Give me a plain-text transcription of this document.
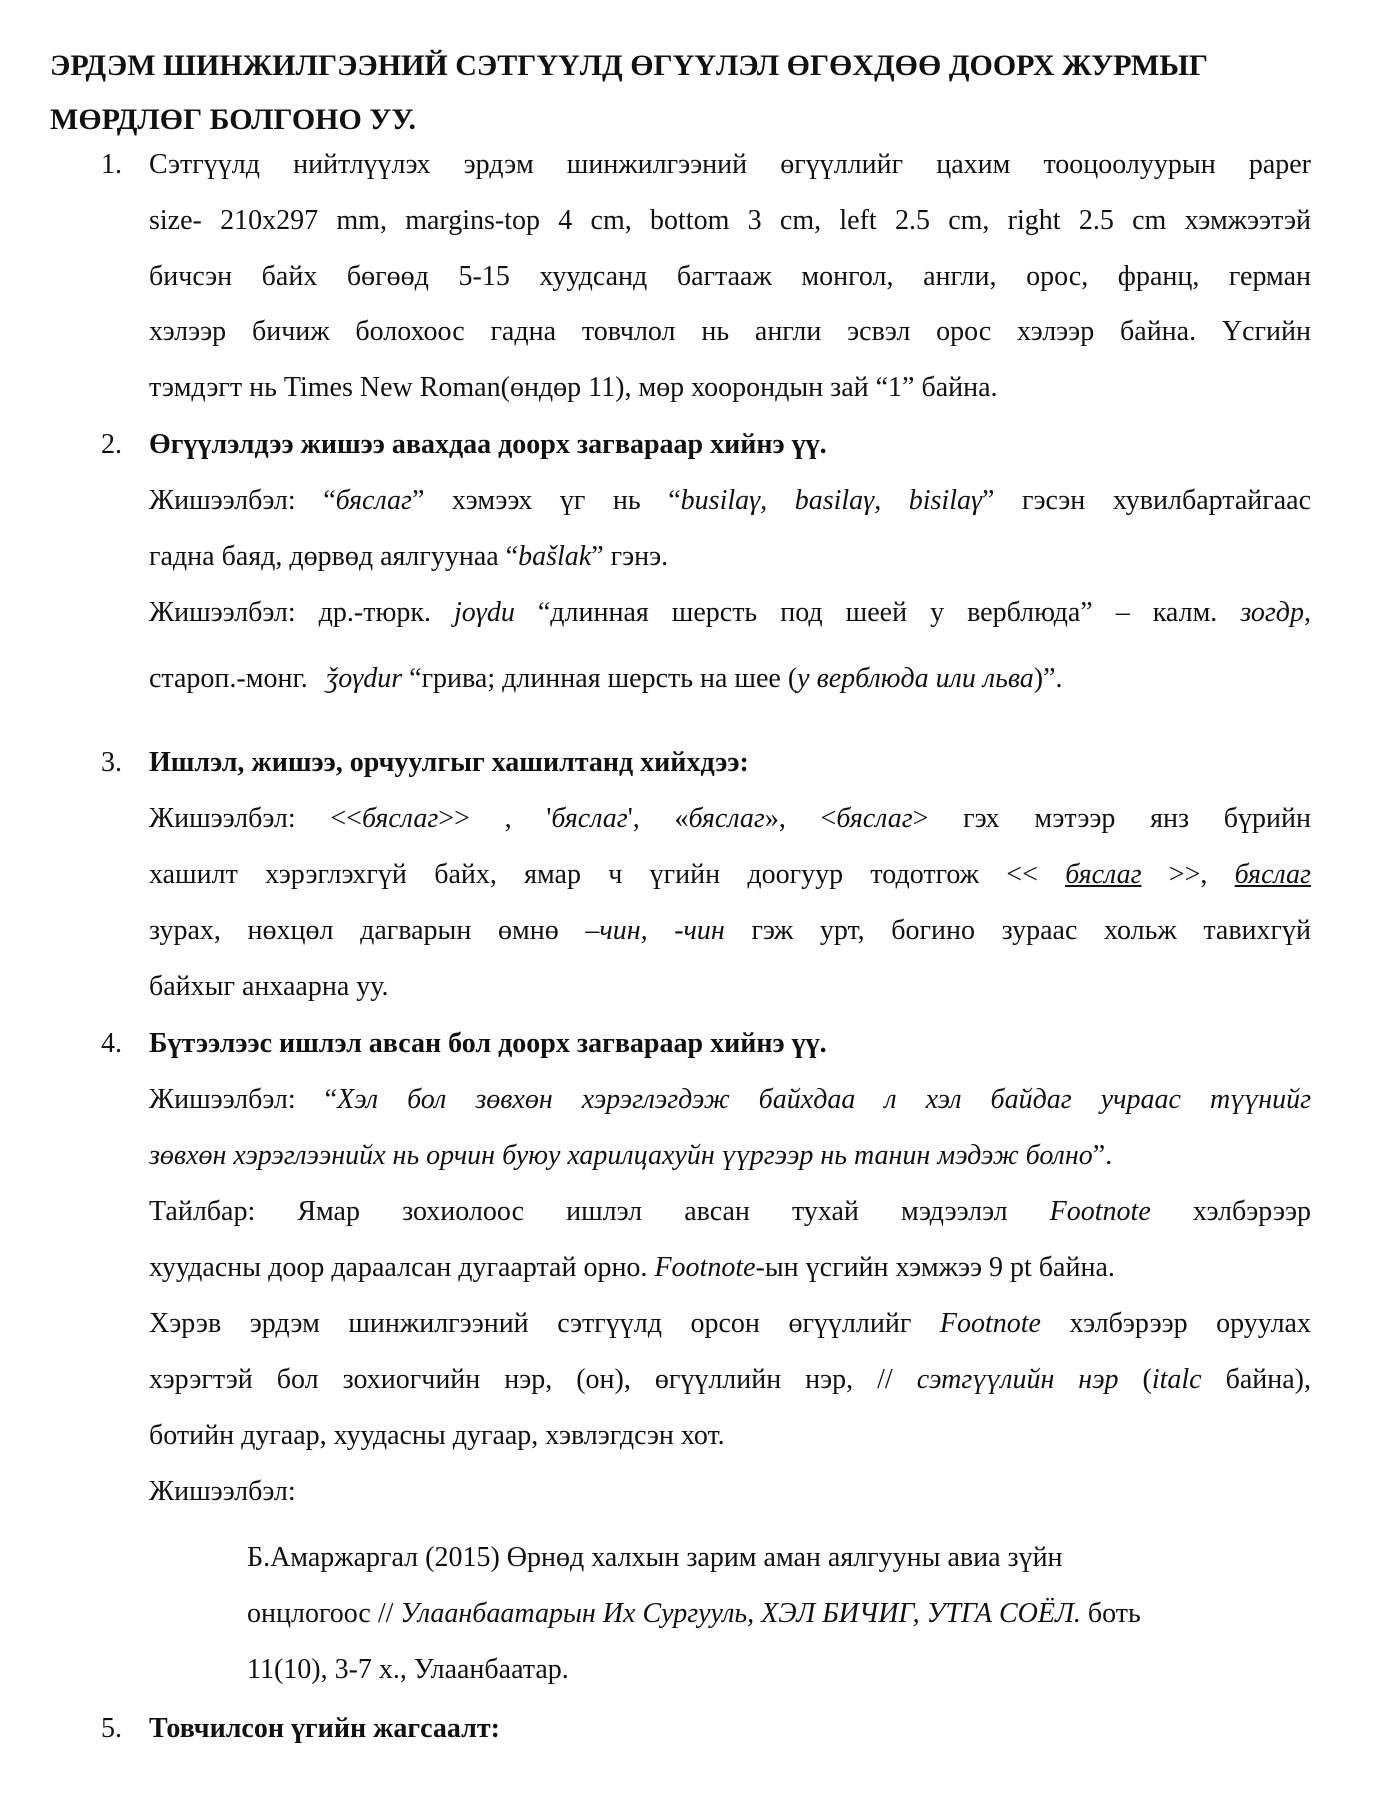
ЭРДЭМ ШИНЖИЛГЭЭНИЙ СЭТГҮҮЛД ӨГҮҮЛЭЛ ӨГӨХДӨӨ ДООРХ ЖУРМЫГ
МӨРДЛӨГ БОЛГОНО УУ.
1. Сэтгүүлд нийтлүүлэх эрдэм шинжилгээний өгүүллийг цахим тооцоолуурын paper
size- 210x297 mm, margins-top 4 cm, bottom 3 cm, left 2.5 cm, right 2.5 cm хэмжээтэй
бичсэн байх бөгөөд 5-15 хуудсанд багтааж монгол, англи, орос, франц, герман
хэлээр бичиж болохоос гадна товчлол нь англи эсвэл орос хэлээр байна. Үсгийн
тэмдэгт нь Times New Roman(өндөр 11), мөр хоорондын зай “1” байна.
2. Өгүүлэлдээ жишээ авахдаа доорх загвараар хийнэ үү.
Жишээлбэл: “бяслаг” хэмээх үг нь “busilaγ, basilaγ, bisilaγ” гэсэн хувилбартайгаас
гадна баяд, дөрвөд аялгуунаа “bašlak” гэнэ.
Жишээлбэл: др.-тюрк. joγdu “длинная шерсть под шеей у верблюда” – калм. зогдр,
староп.-монг. ǯoγdur “грива; длинная шерсть на шее (у верблюда или льва)”.
3. Ишлэл, жишээ, орчуулгыг хашилтанд хийхдээ:
Жишээлбэл: <<бяслаг>> , 'бяслаг', «бяслаг», <бяслаг> гэх мэтээр янз бүрийн
хашилт хэрэглэхгүй байх, ямар ч үгийн доогуур тодотгож << бяслаг >>, бяслаг
зурах, нөхцөл дагварын өмнө –чин, -чин гэж урт, богино зураас хольж тавихгүй
байхыг анхаарна уу.
4. Бүтээлээс ишлэл авсан бол доорх загвараар хийнэ үү.
Жишээлбэл: “Хэл бол зөвхөн хэрэглэгдэж байхдаа л хэл байдаг учраас түүнийг
зөвхөн хэрэглээнийх нь орчин буюу харилцахуйн үүргээр нь танин мэдэж болно”.
Тайлбар: Ямар зохиолоос ишлэл авсан тухай мэдээлэл Footnote хэлбэрээр
хуудасны доор дараалсан дугаартай орно. Footnote-ын үсгийн хэмжээ 9 pt байна.
Хэрэв эрдэм шинжилгээний сэтгүүлд орсон өгүүллийг Footnote хэлбэрээр оруулах
хэрэгтэй бол зохиогчийн нэр, (он), өгүүллийн нэр, // сэтгүүлийн нэр (italc байна),
ботийн дугаар, хуудасны дугаар, хэвлэгдсэн хот.
Жишээлбэл:
Б.Амаржаргал (2015) Өрнөд халхын зарим аман аялгууны авиа зүйн
онцлогоос // Улаанбаатарын Их Сургууль, ХЭЛ БИЧИГ, УТГА СОЁЛ. боть
11(10), 3-7 х., Улаанбаатар.
5. Товчилсон үгийн жагсаалт:
